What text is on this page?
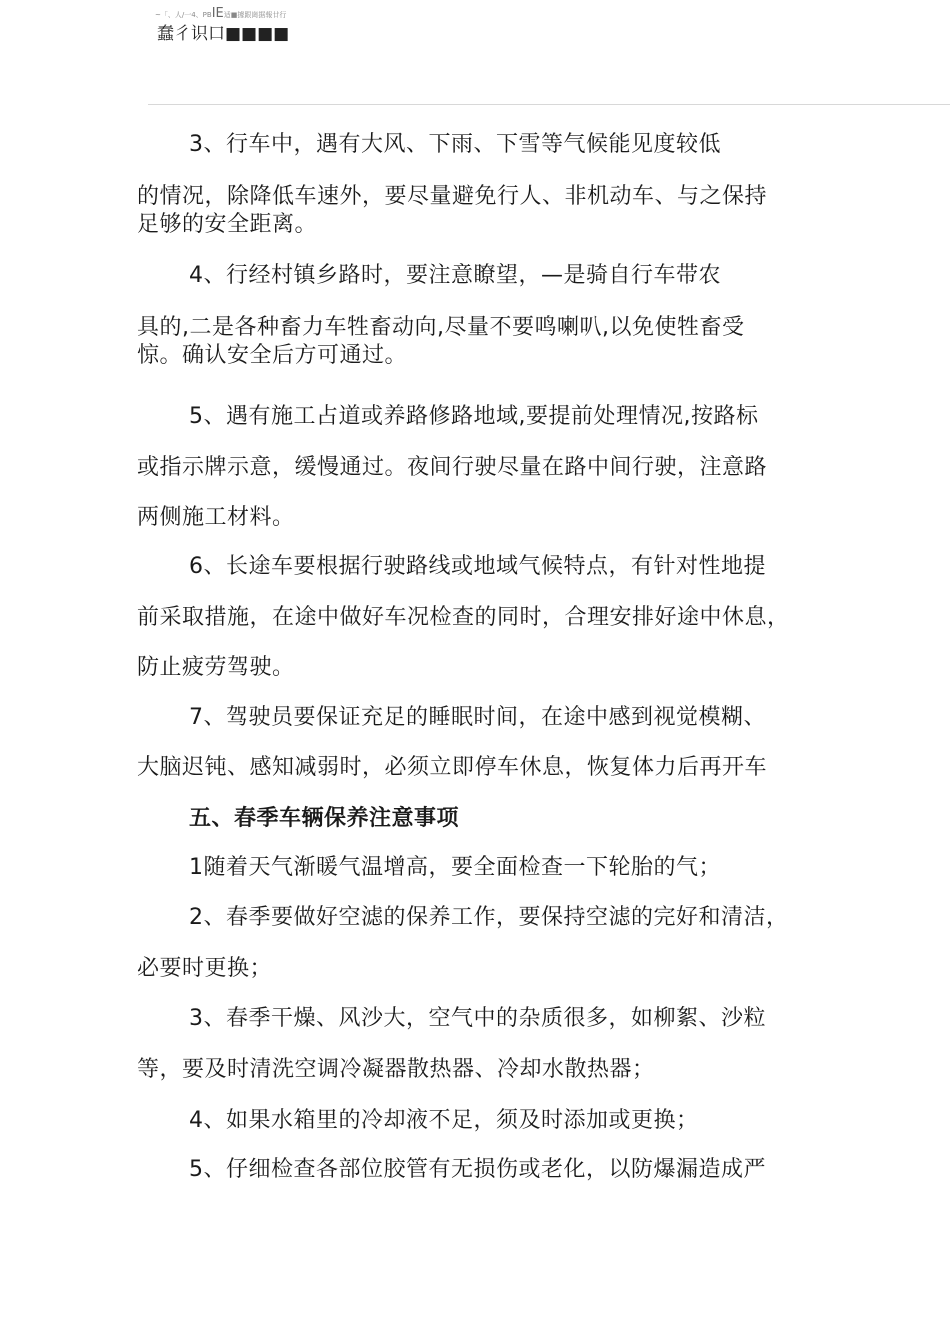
~「、人/一4、PBIE适■據跟崗据報廿行
蠢彳识口■■■■
3、行车中，遇有大风、下雨、下雪等气候能见度较低
的情况，除降低车速外，要尽量避免行人、非机动车、与之保持
足够的安全距离。
4、行经村镇乡路时，要注意瞭望，—是骑自行车带农
具的,二是各种畜力车牲畜动向,尽量不要鸣喇叭,以免使牲畜受
惊。确认安全后方可通过。
5、遇有施工占道或养路修路地域,要提前处理情况,按路标
或指示牌示意，缓慢通过。夜间行驶尽量在路中间行驶，注意路
两侧施工材料。
6、长途车要根据行驶路线或地域气候特点，有针对性地提
前采取措施，在途中做好车况检查的同时，合理安排好途中休息，
防止疲劳驾驶。
7、驾驶员要保证充足的睡眠时间，在途中感到视觉模糊、
大脑迟钝、感知减弱时，必须立即停车休息，恢复体力后再开车
五、春季车辆保养注意事项
1随着天气渐暖气温增高，要全面检查一下轮胎的气；
2、春季要做好空滤的保养工作，要保持空滤的完好和清洁，
必要时更换；
3、春季干燥、风沙大，空气中的杂质很多，如柳絮、沙粒
等，要及时清洗空调冷凝器散热器、冷却水散热器；
4、如果水箱里的冷却液不足，须及时添加或更换；
5、仔细检查各部位胶管有无损伤或老化，以防爆漏造成严
